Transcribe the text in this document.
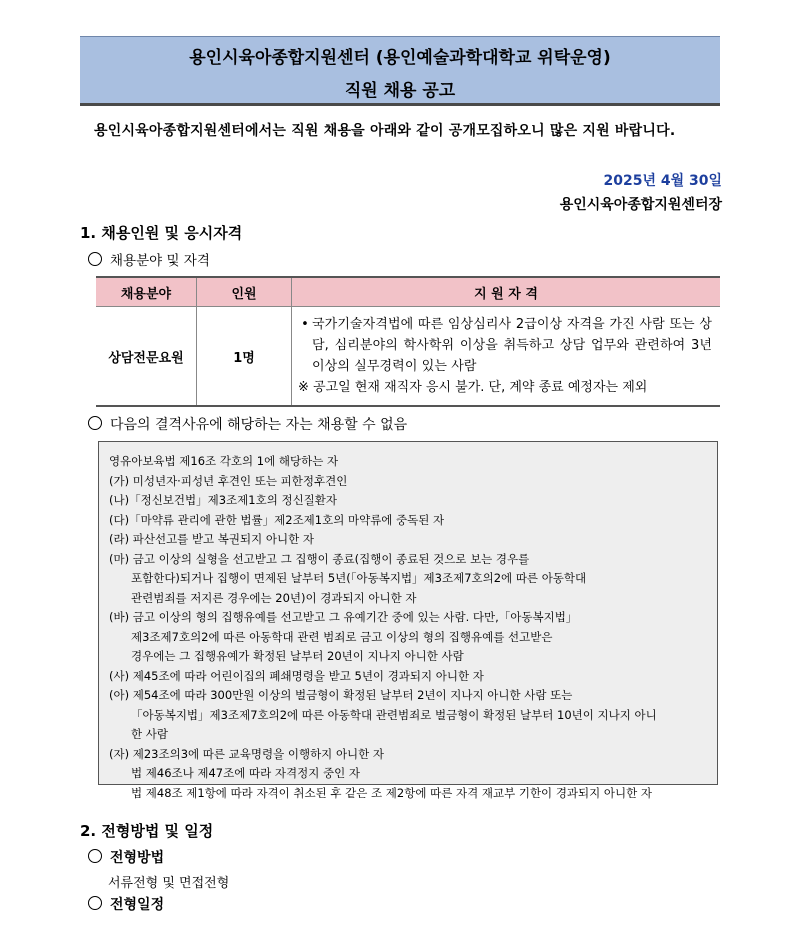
용인시육아종합지원센터 (용인예술과학대학교 위탁운영)
직원 채용 공고
용인시육아종합지원센터에서는 직원 채용을 아래와 같이 공개모집하오니 많은 지원 바랍니다.
2025년 4월 30일
용인시육아종합지원센터장
1. 채용인원 및 응시자격
채용분야 및 자격
채용분야	인원	지 원 자 격
상담전문요원	1명	• 국가기술자격법에 따른 임상심리사 2급이상 자격을 가진 사람 또는 상담, 심리분야의 학사학위 이상을 취득하고 상담 업무와 관련하여 3년 이상의 실무경력이 있는 사람
※ 공고일 현재 재직자 응시 불가. 단, 계약 종료 예정자는 제외
다음의 결격사유에 해당하는 자는 채용할 수 없음
영유아보육법 제16조 각호의 1에 해당하는 자
(가) 미성년자·피성년 후견인 또는 피한정후견인
(나)「정신보건법」제3조제1호의 정신질환자
(다)「마약류 관리에 관한 법률」제2조제1호의 마약류에 중독된 자
(라) 파산선고를 받고 복권되지 아니한 자
(마) 금고 이상의 실형을 선고받고 그 집행이 종료(집행이 종료된 것으로 보는 경우를
포함한다)되거나 집행이 면제된 날부터 5년(「아동복지법」제3조제7호의2에 따른 아동학대
관련범죄를 저지른 경우에는 20년)이 경과되지 아니한 자
(바) 금고 이상의 형의 집행유예를 선고받고 그 유예기간 중에 있는 사람. 다만,「아동복지법」
제3조제7호의2에 따른 아동학대 관련 범죄로 금고 이상의 형의 집행유예를 선고받은
경우에는 그 집행유예가 확정된 날부터 20년이 지나지 아니한 사람
(사) 제45조에 따라 어린이집의 폐쇄명령을 받고 5년이 경과되지 아니한 자
(아) 제54조에 따라 300만원 이상의 벌금형이 확정된 날부터 2년이 지나지 아니한 사람 또는
「아동복지법」제3조제7호의2에 따른 아동학대 관련범죄로 벌금형이 확정된 날부터 10년이 지나지 아니
한 사람
(자) 제23조의3에 따른 교육명령을 이행하지 아니한 자
법 제46조나 제47조에 따라 자격정지 중인 자
법 제48조 제1항에 따라 자격이 취소된 후 같은 조 제2항에 따른 자격 재교부 기한이 경과되지 아니한 자
2. 전형방법 및 일정
전형방법
서류전형 및 면접전형
전형일정
